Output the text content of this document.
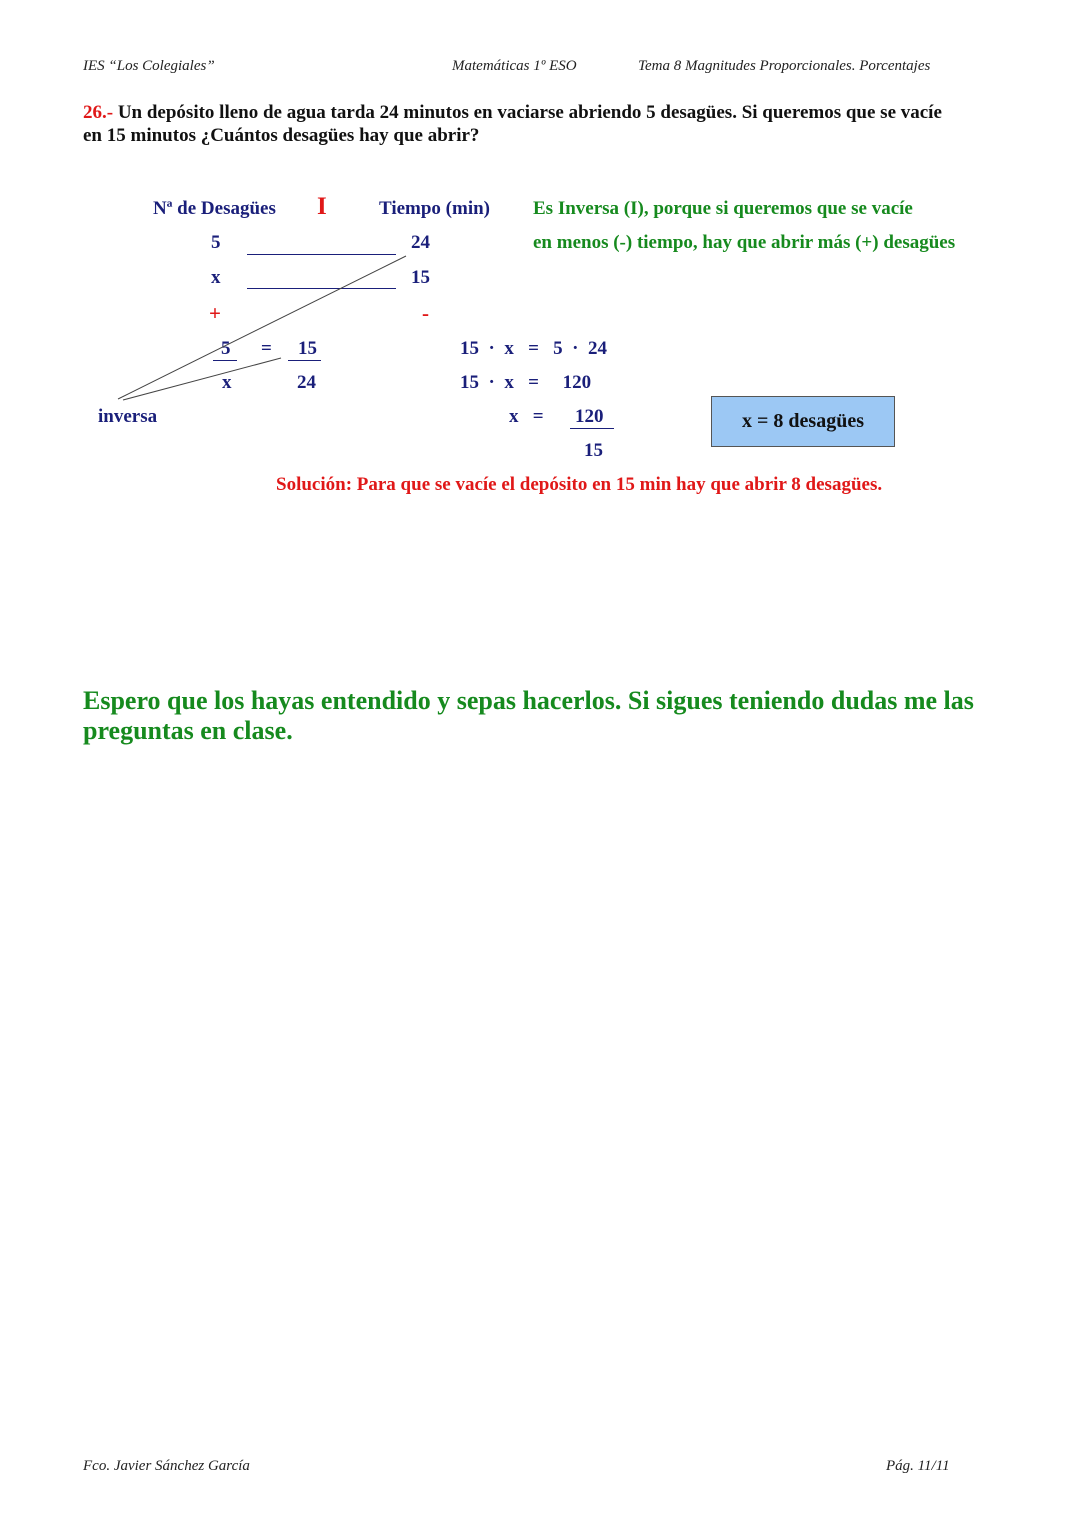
IES “Los Colegiales”	Matemáticas 1º ESO	Tema 8 Magnitudes Proporcionales. Porcentajes
26.- Un depósito lleno de agua tarda 24 minutos en vaciarse abriendo 5 desagües. Si queremos que se vacíe
en 15 minutos ¿Cuántos desagües hay que abrir?
Nª de Desagües I	Tiempo (min)
5	24
x	15
+	-
Es Inversa (I), porque si queremos que se vacíe
en menos (-) tiempo, hay que abrir más (+) desagües
5	=	15
x	24
inversa
15  ·  x   =   5  ·  24
15  ·  x   =     120
x   = 120
15
x = 8 desagües
Solución: Para que se vacíe el depósito en 15 min hay que abrir 8 desagües.
Espero que los hayas entendido y sepas hacerlos. Si sigues teniendo dudas me las
preguntas en clase.
Fco. Javier Sánchez García	Pág. 11/11
